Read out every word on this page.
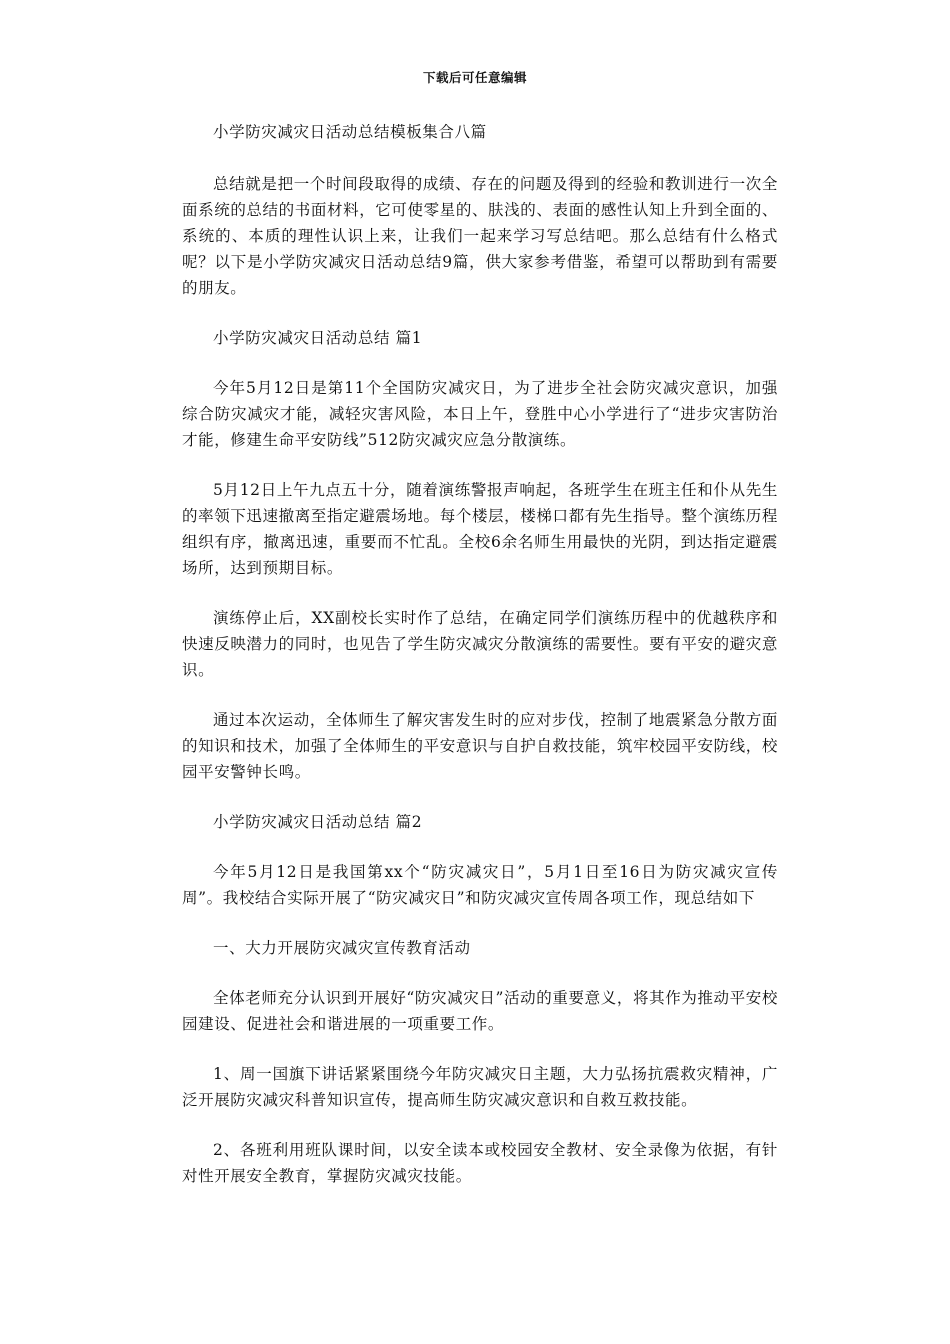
下载后可任意编辑

小学防灾减灾日活动总结模板集合八篇

总结就是把一个时间段取得的成绩、存在的问题及得到的经验和教训进行一次全面系统的总结的书面材料，它可使零星的、肤浅的、表面的感性认知上升到全面的、系统的、本质的理性认识上来，让我们一起来学习写总结吧。那么总结有什么格式呢？以下是小学防灾减灾日活动总结9篇，供大家参考借鉴，希望可以帮助到有需要的朋友。

小学防灾减灾日活动总结 篇1

今年5月12日是第11个全国防灾减灾日，为了进步全社会防灾减灾意识，加强综合防灾减灾才能，减轻灾害风险，本日上午，登胜中心小学进行了“进步灾害防治才能，修建生命平安防线”512防灾减灾应急分散演练。

5月12日上午九点五十分，随着演练警报声响起，各班学生在班主任和仆从先生的率领下迅速撤离至指定避震场地。每个楼层，楼梯口都有先生指导。整个演练历程组织有序，撤离迅速，重要而不忙乱。全校6余名师生用最快的光阴，到达指定避震场所，达到预期目标。

演练停止后，XX副校长实时作了总结，在确定同学们演练历程中的优越秩序和快速反映潜力的同时，也见告了学生防灾减灾分散演练的需要性。要有平安的避灾意识。

通过本次运动，全体师生了解灾害发生时的应对步伐，控制了地震紧急分散方面的知识和技术，加强了全体师生的平安意识与自护自救技能，筑牢校园平安防线，校园平安警钟长鸣。

小学防灾减灾日活动总结 篇2

今年5月12日是我国第xx个“防灾减灾日”，5月1日至16日为防灾减灾宣传周”。我校结合实际开展了“防灾减灾日”和防灾减灾宣传周各项工作，现总结如下

一、大力开展防灾减灾宣传教育活动

全体老师充分认识到开展好“防灾减灾日”活动的重要意义，将其作为推动平安校园建设、促进社会和谐进展的一项重要工作。

1、周一国旗下讲话紧紧围绕今年防灾减灾日主题，大力弘扬抗震救灾精神，广泛开展防灾减灾科普知识宣传，提高师生防灾减灾意识和自救互救技能。

2、各班利用班队课时间，以安全读本或校园安全教材、安全录像为依据，有针对性开展安全教育，掌握防灾减灾技能。
